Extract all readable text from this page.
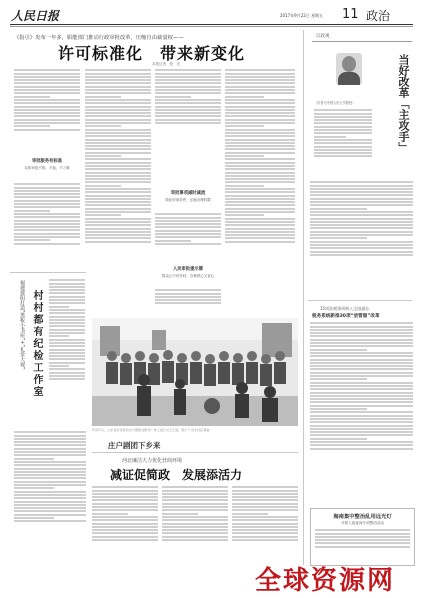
人民日报	2017年9月22日 星期五 11 政治
《指引》发布一年多，职能部门推动行政审批改革，压缩自由裁量权——
许可标准化　带来新变化
本报记者　倪　光
审批服务有标准
实体审批不推、不拖、不刁难
审批事项减时减流
简化申请条件，压缩办理时限
人民审批提示牌
群众心中有杆秤，办事舒心又省心
议政观
当好改革「主攻手」
（作者为中国人民大学教授）
福建建阳打造“黑板小书屋”+“礼堂大观” 村村都有纪检工作室
9月21日，山东省沂南县的庄户剧团在群众广场上进行文艺汇演，吸引了众多村民观看。
庄户剧团下乡来
河北廉洁大力优化营商环境
减证促简政　发展添活力
15项涉税事项纳入全国通办
税务系统新推30项“放管服”改革
海南集中整治乱用远光灯
开展入夜夜间专项整治活动
全球资源网
